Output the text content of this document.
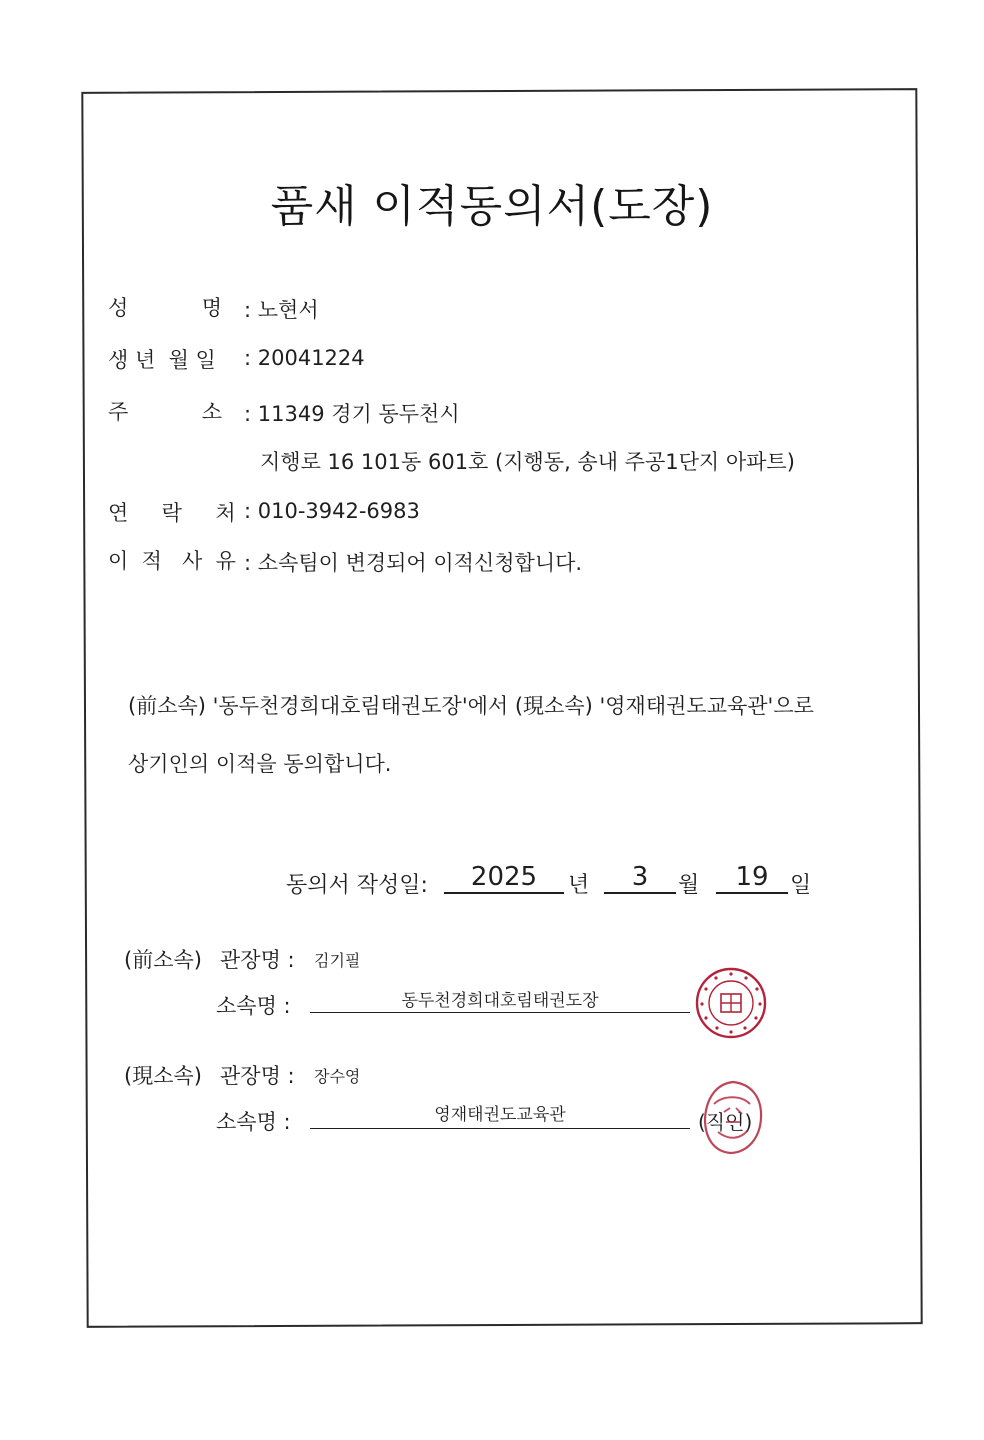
품새 이적동의서(도장)
성           명 : 노현서
생 년  월 일 : 20041224
주           소 : 11349 경기 동두천시
지행로 16 101동 601호 (지행동, 송내 주공1단지 아파트)
연     락     처 : 010-3942-6983
이  적   사  유 : 소속팀이 변경되어 이적신청합니다.
(前소속) '동두천경희대호림태권도장'에서 (現소속) '영재태권도교육관'으로
상기인의 이적을 동의합니다.
동의서 작성일:	2025	년	3	월	19 일
(前소속) 관장명 : 김기필
소속명 :	동두천경희대호림태권도장
(現소속) 관장명 : 장수영
소속명 :	영재태권도교육관	(직인)
